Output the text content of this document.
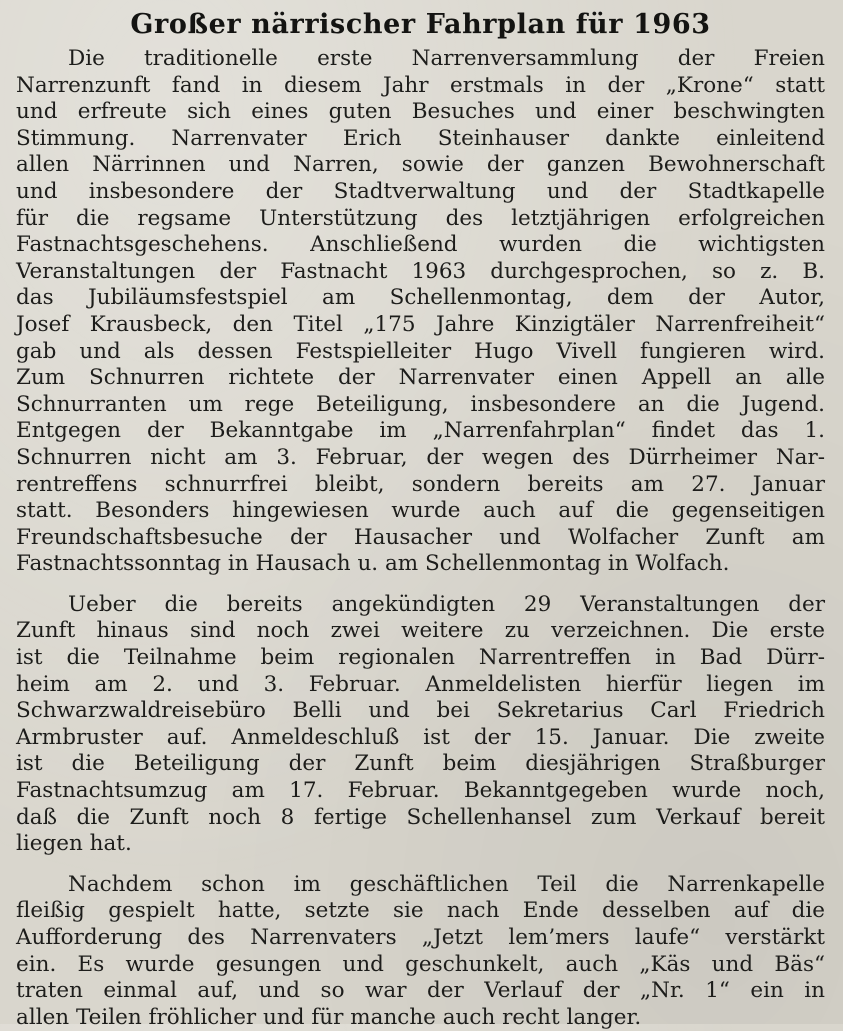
Großer närrischer Fahrplan für 1963

Die traditionelle erste Narrenversammlung der Freien
Narrenzunft fand in diesem Jahr erstmals in der „Krone“ statt
und erfreute sich eines guten Besuches und einer beschwingten
Stimmung. Narrenvater Erich Steinhauser dankte einleitend
allen Närrinnen und Narren, sowie der ganzen Bewohnerschaft
und insbesondere der Stadtverwaltung und der Stadtkapelle
für die regsame Unterstützung des letztjährigen erfolgreichen
Fastnachtsgeschehens. Anschließend wurden die wichtigsten
Veranstaltungen der Fastnacht 1963 durchgesprochen, so z. B.
das Jubiläumsfestspiel am Schellenmontag, dem der Autor,
Josef Krausbeck, den Titel „175 Jahre Kinzigtäler Narrenfreiheit“
gab und als dessen Festspielleiter Hugo Vivell fungieren wird.
Zum Schnurren richtete der Narrenvater einen Appell an alle
Schnurranten um rege Beteiligung, insbesondere an die Jugend.
Entgegen der Bekanntgabe im „Narrenfahrplan“ findet das 1.
Schnurren nicht am 3. Februar, der wegen des Dürrheimer Nar-
rentreffens schnurrfrei bleibt, sondern bereits am 27. Januar
statt. Besonders hingewiesen wurde auch auf die gegenseitigen
Freundschaftsbesuche der Hausacher und Wolfacher Zunft am
Fastnachtssonntag in Hausach u. am Schellenmontag in Wolfach.

Ueber die bereits angekündigten 29 Veranstaltungen der
Zunft hinaus sind noch zwei weitere zu verzeichnen. Die erste
ist die Teilnahme beim regionalen Narrentreffen in Bad Dürr-
heim am 2. und 3. Februar. Anmeldelisten hierfür liegen im
Schwarzwaldreisebüro Belli und bei Sekretarius Carl Friedrich
Armbruster auf. Anmeldeschluß ist der 15. Januar. Die zweite
ist die Beteiligung der Zunft beim diesjährigen Straßburger
Fastnachtsumzug am 17. Februar. Bekanntgegeben wurde noch,
daß die Zunft noch 8 fertige Schellenhansel zum Verkauf bereit
liegen hat.

Nachdem schon im geschäftlichen Teil die Narrenkapelle
fleißig gespielt hatte, setzte sie nach Ende desselben auf die
Aufforderung des Narrenvaters „Jetzt lem’mers laufe“ verstärkt
ein. Es wurde gesungen und geschunkelt, auch „Käs und Bäs“
traten einmal auf, und so war der Verlauf der „Nr. 1“ ein in
allen Teilen fröhlicher und für manche auch recht langer.
